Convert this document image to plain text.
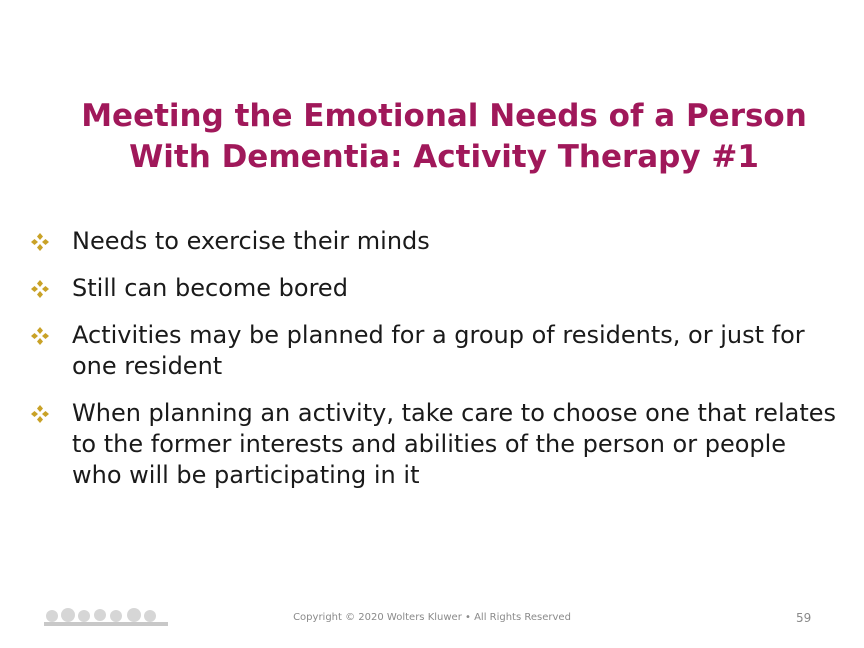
Meeting the Emotional Needs of a Person
With Dementia: Activity Therapy #1
Needs to exercise their minds
Still can become bored
Activities may be planned for a group of residents, or just for one resident
When planning an activity, take care to choose one that relates to the former interests and abilities of the person or people who will be participating in it
Copyright © 2020 Wolters Kluwer • All Rights Reserved	59
